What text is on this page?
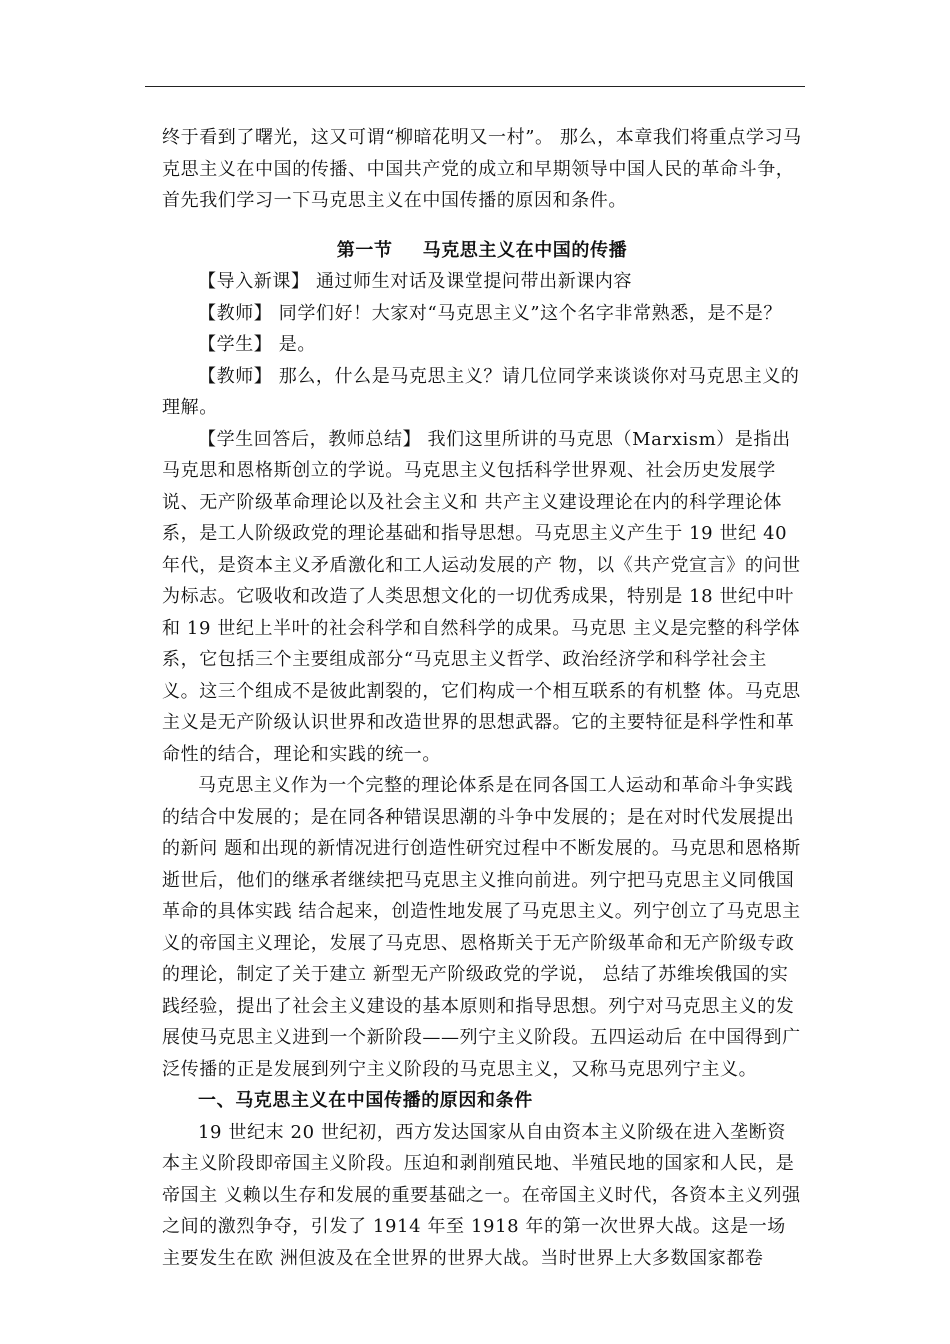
终于看到了曙光，这又可谓“柳暗花明又一村”。 那么，本章我们将重点学习马克思主义在中国的传播、中国共产党的成立和早期领导中国人民的革命斗争，首先我们学习一下马克思主义在中国传播的原因和条件。

第一节 马克思主义在中国的传播

【导入新课】 通过师生对话及课堂提问带出新课内容

【教师】 同学们好！大家对“马克思主义”这个名字非常熟悉，是不是？

【学生】 是。

【教师】 那么，什么是马克思主义？请几位同学来谈谈你对马克思主义的理解。

【学生回答后，教师总结】 我们这里所讲的马克思（Marxism）是指出马克思和恩格斯创立的学说。马克思主义包括科学世界观、社会历史发展学说、无产阶级革命理论以及社会主义和 共产主义建设理论在内的科学理论体系，是工人阶级政党的理论基础和指导思想。马克思主义产生于 19 世纪 40 年代，是资本主义矛盾激化和工人运动发展的产 物，以《共产党宣言》的问世为标志。它吸收和改造了人类思想文化的一切优秀成果，特别是 18 世纪中叶和 19 世纪上半叶的社会科学和自然科学的成果。马克思 主义是完整的科学体系，它包括三个主要组成部分“马克思主义哲学、政治经济学和科学社会主义。这三个组成不是彼此割裂的，它们构成一个相互联系的有机整 体。马克思主义是无产阶级认识世界和改造世界的思想武器。它的主要特征是科学性和革命性的结合，理论和实践的统一。

马克思主义作为一个完整的理论体系是在同各国工人运动和革命斗争实践的结合中发展的；是在同各种错误思潮的斗争中发展的；是在对时代发展提出的新问 题和出现的新情况进行创造性研究过程中不断发展的。马克思和恩格斯逝世后，他们的继承者继续把马克思主义推向前进。列宁把马克思主义同俄国革命的具体实践 结合起来，创造性地发展了马克思主义。列宁创立了马克思主义的帝国主义理论，发展了马克思、恩格斯关于无产阶级革命和无产阶级专政的理论，制定了关于建立 新型无产阶级政党的学说， 总结了苏维埃俄国的实践经验，提出了社会主义建设的基本原则和指导思想。列宁对马克思主义的发展使马克思主义进到一个新阶段——列宁主义阶段。五四运动后 在中国得到广泛传播的正是发展到列宁主义阶段的马克思主义，又称马克思列宁主义。

一、马克思主义在中国传播的原因和条件

19 世纪末 20 世纪初，西方发达国家从自由资本主义阶级在进入垄断资本主义阶段即帝国主义阶段。压迫和剥削殖民地、半殖民地的国家和人民，是帝国主 义赖以生存和发展的重要基础之一。在帝国主义时代，各资本主义列强之间的激烈争夺，引发了 1914 年至 1918 年的第一次世界大战。这是一场主要发生在欧 洲但波及在全世界的世界大战。当时世界上大多数国家都卷
